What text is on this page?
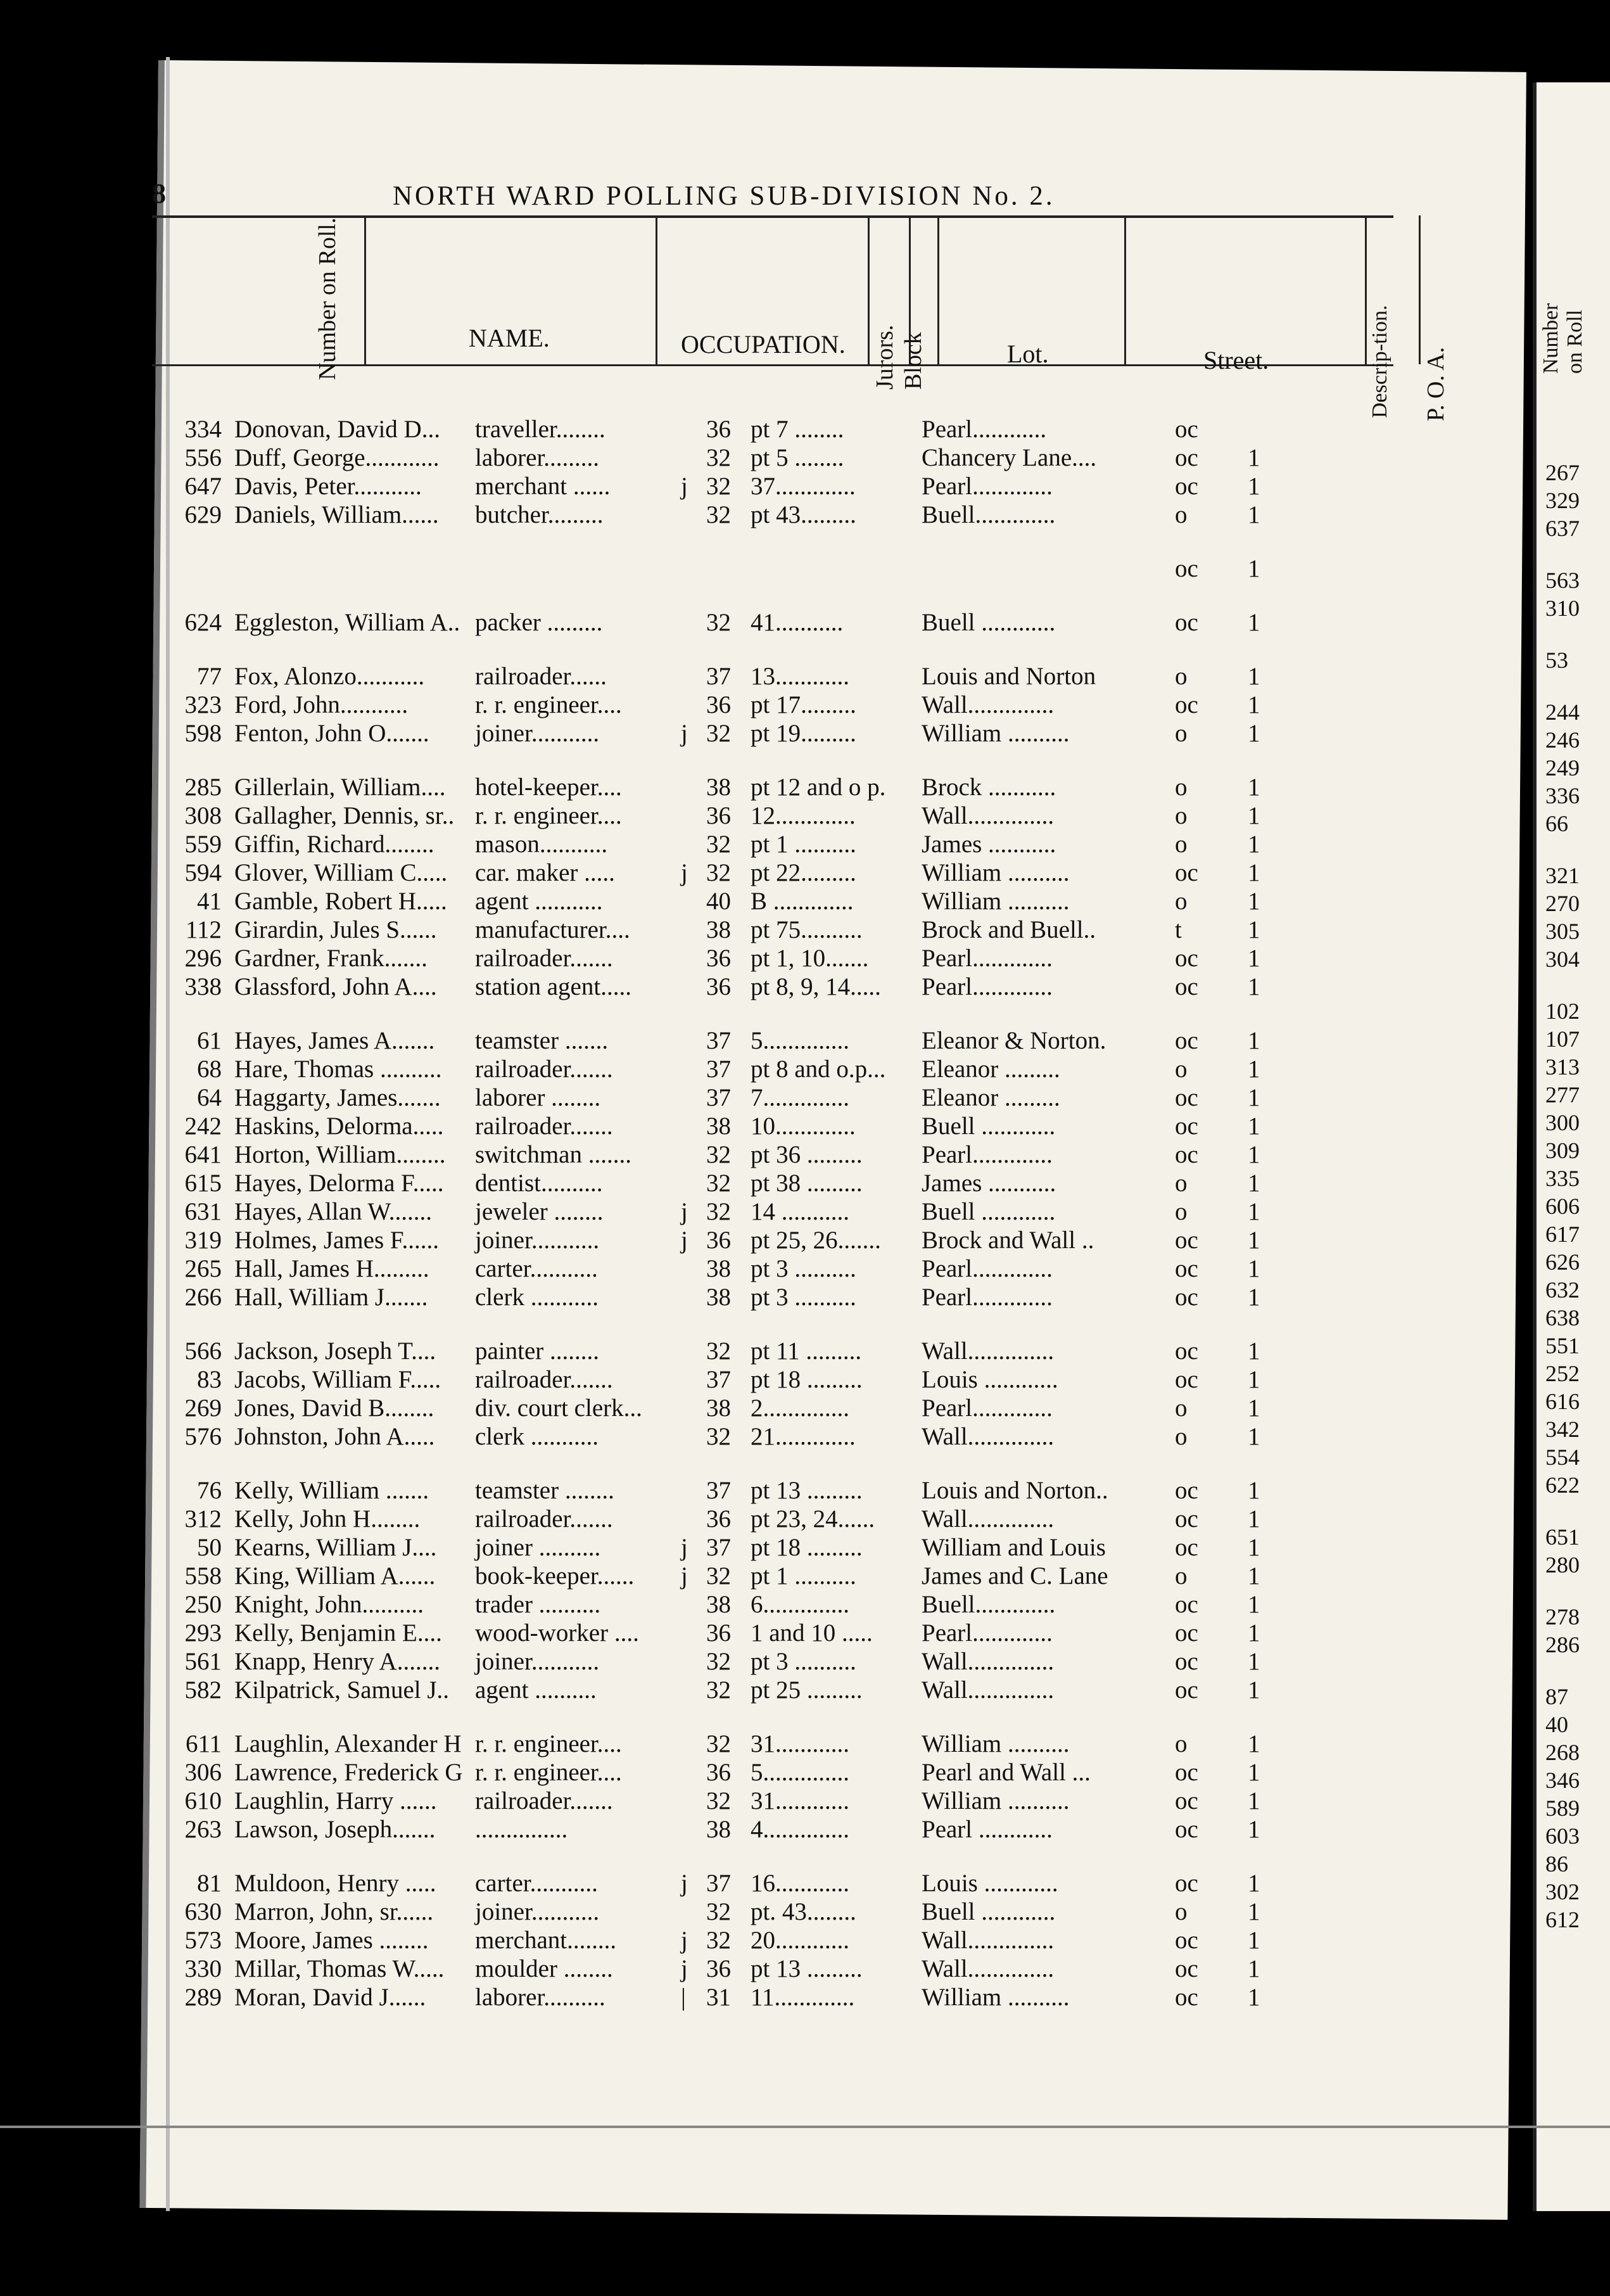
8	NORTH WARD POLLING SUB-DIVISION No. 2.
Number on Roll.	NAME.	OCCUPATION. Jurors. Block	Lot.	Street.	Descrip-tion. P. O. A.
334 Donovan, David D... traveller........	36 pt 7 ........	Pearl............	oc
556 Duff, George............ laborer.........	32 pt 5 ........	Chancery Lane....	oc 1
647 Davis, Peter........... merchant ......	j 32 37.............	Pearl.............	oc 1
629 Daniels, William...... butcher.........	32 pt 43.........	Buell.............	o 1
oc 1
624 Eggleston, William A.. packer .........	32 41...........	Buell ............	oc 1
77 Fox, Alonzo........... railroader......	37 13............	Louis and Norton	o 1
323 Ford, John...........	r. r. engineer....	36 pt 17.........	Wall..............	oc 1
598 Fenton, John O....... joiner...........	j 32 pt 19.........	William ..........	o 1
285 Gillerlain, William.... hotel-keeper....	38 pt 12 and o p. Brock ...........	o 1
308 Gallagher, Dennis, sr.. r. r. engineer....	36 12.............	Wall..............	o 1
559 Giffin, Richard........ mason...........	32 pt 1 ..........	James ...........	o 1
594 Glover, William C..... car. maker .....	j 32 pt 22.........	William ..........	oc 1
41 Gamble, Robert H..... agent ...........	40 B .............	William ..........	o 1
112 Girardin, Jules S...... manufacturer....	38 pt 75.......... Brock and Buell..	t	1
296 Gardner, Frank....... railroader.......	36 pt 1, 10....... Pearl.............	oc 1
338 Glassford, John A.... station agent.....	36 pt 8, 9, 14..... Pearl.............	oc 1
61 Hayes, James A....... teamster .......	37 5..............	Eleanor & Norton.	oc 1
68 Hare, Thomas .......... railroader.......	37 pt 8 and o.p... Eleanor .........	o 1
64 Haggarty, James....... laborer ........	37 7..............	Eleanor .........	oc 1
242 Haskins, Delorma..... railroader.......	38 10.............	Buell ............	oc 1
641 Horton, William........ switchman .......	32 pt 36 ......... Pearl.............	oc 1
615 Hayes, Delorma F..... dentist..........	32 pt 38 ......... James ...........	o 1
631 Hayes, Allan W....... jeweler ........	j 32 14 ...........	Buell ............	o 1
319 Holmes, James F...... joiner...........	j 36 pt 25, 26....... Brock and Wall ..	oc 1
265 Hall, James H......... carter...........	38 pt 3 ..........	Pearl.............	oc 1
266 Hall, William J....... clerk ...........	38 pt 3 ..........	Pearl.............	oc 1
566 Jackson, Joseph T.... painter ........	32 pt 11 ......... Wall..............	oc 1
83 Jacobs, William F..... railroader.......	37 pt 18 ......... Louis ............	oc 1
269 Jones, David B........ div. court clerk...	38 2..............	Pearl.............	o 1
576 Johnston, John A..... clerk ...........	32 21.............	Wall..............	o 1
76 Kelly, William ....... teamster ........	37 pt 13 ......... Louis and Norton..	oc 1
312 Kelly, John H........ railroader.......	36 pt 23, 24...... Wall..............	oc 1
50 Kearns, William J.... joiner ..........	j 37 pt 18 ......... William and Louis	oc 1
558 King, William A...... book-keeper...... j 32 pt 1 ..........	James and C. Lane	o 1
250 Knight, John.......... trader ..........	38 6..............	Buell.............	oc 1
293 Kelly, Benjamin E.... wood-worker ....	36 1 and 10 ..... Pearl.............	oc 1
561 Knapp, Henry A....... joiner...........	32 pt 3 ..........	Wall..............	oc 1
582 Kilpatrick, Samuel J.. agent ..........	32 pt 25 ......... Wall..............	oc 1
611 Laughlin, Alexander H r. r. engineer....	32 31............	William ..........	o 1
306 Lawrence, Frederick G r. r. engineer....	36 5..............	Pearl and Wall ...	oc 1
610 Laughlin, Harry ...... railroader.......	32 31............	William ..........	oc 1
263 Lawson, Joseph....... ...............	38 4..............	Pearl ............	oc 1
81 Muldoon, Henry ..... carter...........	j 37 16............	Louis ............	oc 1
630 Marron, John, sr...... joiner...........	32 pt. 43........	Buell ............	o 1
573 Moore, James ........ merchant........	j 32 20............	Wall..............	oc 1
330 Millar, Thomas W..... moulder ........	j 36 pt 13 ......... Wall..............	oc 1
289 Moran, David J...... laborer..........	| 31 11.............	William ..........	oc 1
Number on Roll
267
329
637
563
310
53
244
246
249
336
66
321
270
305
304
102
107
313
277
300
309
335
606
617
626
632
638
551
252
616
342
554
622
651
280
278
286
87
40
268
346
589
603
86
302
612
